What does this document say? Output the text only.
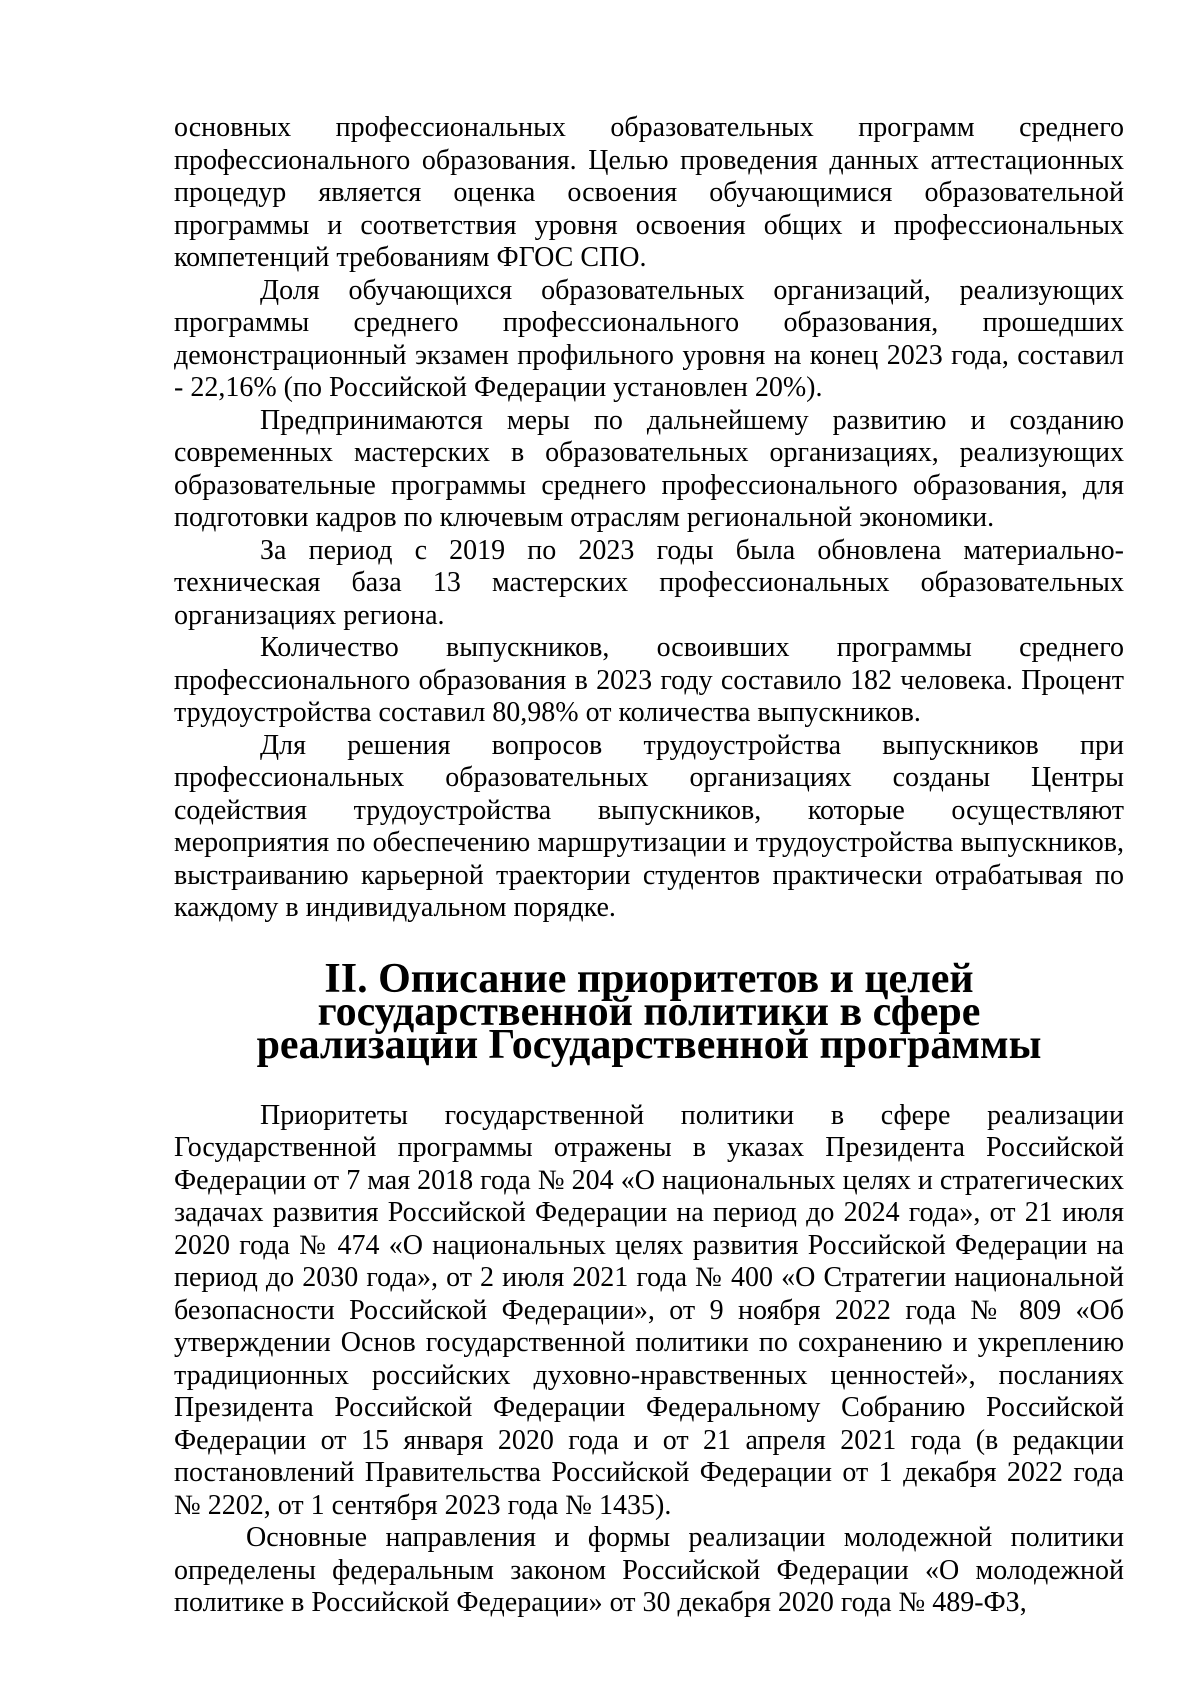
основных профессиональных образовательных программ среднего профессионального образования. Целью проведения данных аттестационных процедур является оценка освоения обучающимися образовательной программы и соответствия уровня освоения общих и профессиональных компетенций требованиям ФГОС СПО.

Доля обучающихся образовательных организаций, реализующих программы среднего профессионального образования, прошедших демонстрационный экзамен профильного уровня на конец 2023 года, составил - 22,16% (по Российской Федерации установлен 20%).

Предпринимаются меры по дальнейшему развитию и созданию современных мастерских в образовательных организациях, реализующих образовательные программы среднего профессионального образования, для подготовки кадров по ключевым отраслям региональной экономики.

За период с 2019 по 2023 годы была обновлена материально-техническая база 13 мастерских профессиональных образовательных организациях региона.

Количество выпускников, освоивших программы среднего профессионального образования в 2023 году составило 182 человека. Процент трудоустройства составил 80,98% от количества выпускников.

Для решения вопросов трудоустройства выпускников при профессиональных образовательных организациях созданы Центры содействия трудоустройства выпускников, которые осуществляют мероприятия по обеспечению маршрутизации и трудоустройства выпускников, выстраиванию карьерной траектории студентов практически отрабатывая по каждому в индивидуальном порядке.

II. Описание приоритетов и целей государственной политики в сфере
реализации Государственной программы

Приоритеты государственной политики в сфере реализации Государственной программы отражены в указах Президента Российской Федерации от 7 мая 2018 года № 204 «О национальных целях и стратегических задачах развития Российской Федерации на период до 2024 года», от 21 июля 2020 года № 474 «О национальных целях развития Российской Федерации на период до 2030 года», от 2 июля 2021 года № 400 «О Стратегии национальной безопасности Российской Федерации», от 9 ноября 2022 года № 809 «Об утверждении Основ государственной политики по сохранению и укреплению традиционных российских духовно-нравственных ценностей», посланиях Президента Российской Федерации Федеральному Собранию Российской Федерации от 15 января 2020 года и от 21 апреля 2021 года (в редакции постановлений Правительства Российской Федерации от 1 декабря 2022 года № 2202, от 1 сентября 2023 года № 1435).

Основные направления и формы реализации молодежной политики определены федеральным законом Российской Федерации «О молодежной политике в Российской Федерации» от 30 декабря 2020 года № 489-ФЗ,
